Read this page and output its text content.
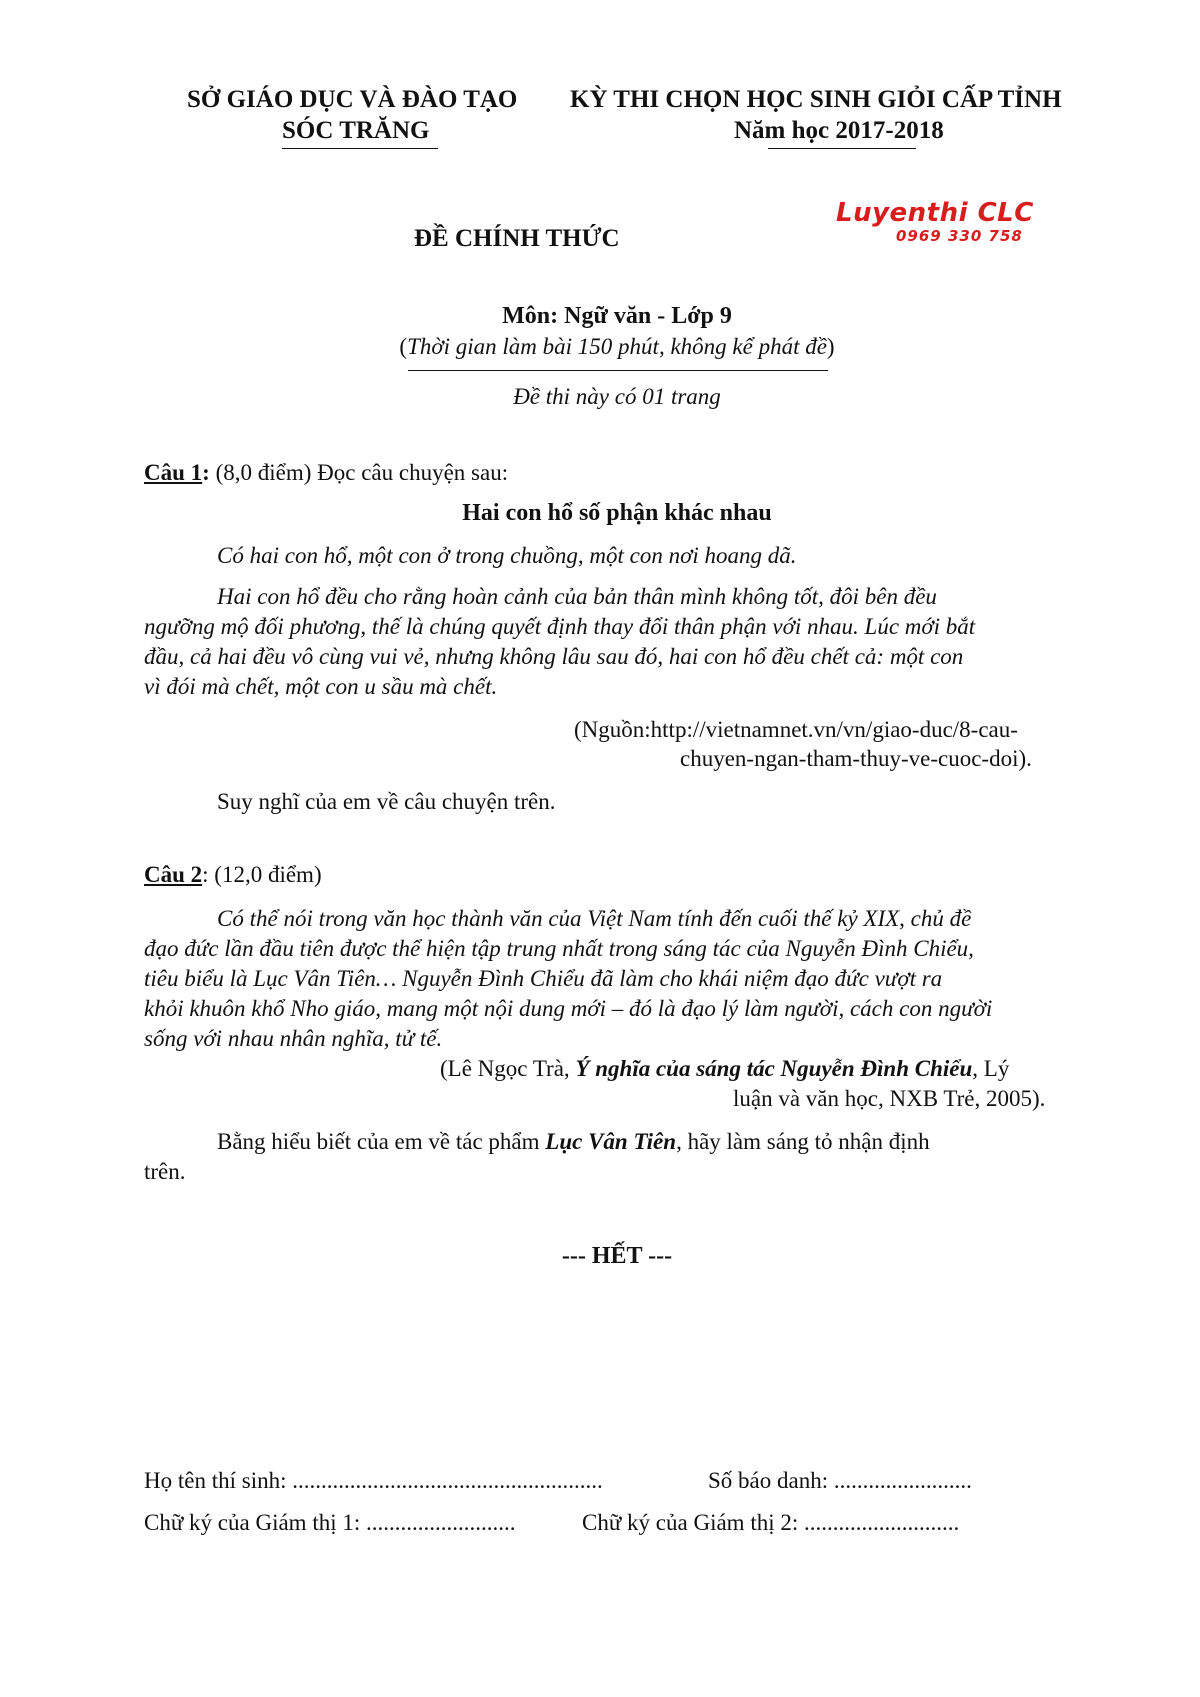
SỞ GIÁO DỤC VÀ ĐÀO TẠO
SÓC TRĂNG
KỲ THI CHỌN HỌC SINH GIỎI CẤP TỈNH
Năm học 2017-2018
Luyenthi CLC
0969 330 758
ĐỀ CHÍNH THỨC
Môn: Ngữ văn - Lớp 9
(Thời gian làm bài 150 phút, không kể phát đề)
Đề thi này có 01 trang
Câu 1: (8,0 điểm) Đọc câu chuyện sau:
Hai con hổ số phận khác nhau
Có hai con hổ, một con ở trong chuồng, một con nơi hoang dã.
Hai con hổ đều cho rằng hoàn cảnh của bản thân mình không tốt, đôi bên đều
ngưỡng mộ đối phương, thế là chúng quyết định thay đổi thân phận với nhau. Lúc mới bắt
đầu, cả hai đều vô cùng vui vẻ, nhưng không lâu sau đó, hai con hổ đều chết cả: một con
vì đói mà chết, một con u sầu mà chết.
(Nguồn:http://vietnamnet.vn/vn/giao-duc/8-cau-
chuyen-ngan-tham-thuy-ve-cuoc-doi).
Suy nghĩ của em về câu chuyện trên.
Câu 2: (12,0 điểm)
Có thể nói trong văn học thành văn của Việt Nam tính đến cuối thế kỷ XIX, chủ đề
đạo đức lần đầu tiên được thể hiện tập trung nhất trong sáng tác của Nguyễn Đình Chiểu,
tiêu biểu là Lục Vân Tiên… Nguyễn Đình Chiểu đã làm cho khái niệm đạo đức vượt ra
khỏi khuôn khổ Nho giáo, mang một nội dung mới – đó là đạo lý làm người, cách con người
sống với nhau nhân nghĩa, tử tế.
(Lê Ngọc Trà, Ý nghĩa của sáng tác Nguyễn Đình Chiểu, Lý
luận và văn học, NXB Trẻ, 2005).
Bằng hiểu biết của em về tác phẩm Lục Vân Tiên, hãy làm sáng tỏ nhận định
trên.
--- HẾT ---
Họ tên thí sinh: ......................................................	Số báo danh: ........................
Chữ ký của Giám thị 1: ..........................	Chữ ký của Giám thị 2: ...........................
